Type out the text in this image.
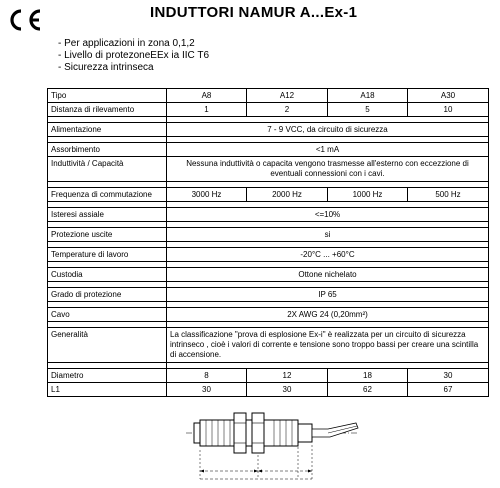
INDUTTORI NAMUR A...Ex-1
- Per applicazioni in zona 0,1,2
- Livello di protezoneEEx ia IIC T6
- Sicurezza intrinseca
Tipo	A8	A12	A18	A30
Distanza di rilevamento	1	2	5	10

Alimentazione	7 - 9 VCC, da circuito di sicurezza			

Assorbimento	<1 mA			
Induttività / Capacità	Nessuna induttività o capacita vengono trasmesse all'esterno con eccezzione di eventuali connessioni con i cavi.			

Frequenza di commutazione	3000 Hz	2000 Hz	1000 Hz	500 Hz

Isteresi assiale	<=10%			

Protezione uscite	si			

Temperature di lavoro	-20°C ... +60°C			

Custodia	Ottone nichelato			

Grado di protezione	IP 65			

Cavo	2X AWG 24 (0,20mm²)			

Generalità	La classificazione "prova di esplosione Ex-i" è realizzata per un circuito di sicurezza intrinseco , cioè i valori di corrente e tensione sono troppo bassi per creare una scintilla di accensione.			

Diametro	8	12	18	30
L1	30	30	62	67
